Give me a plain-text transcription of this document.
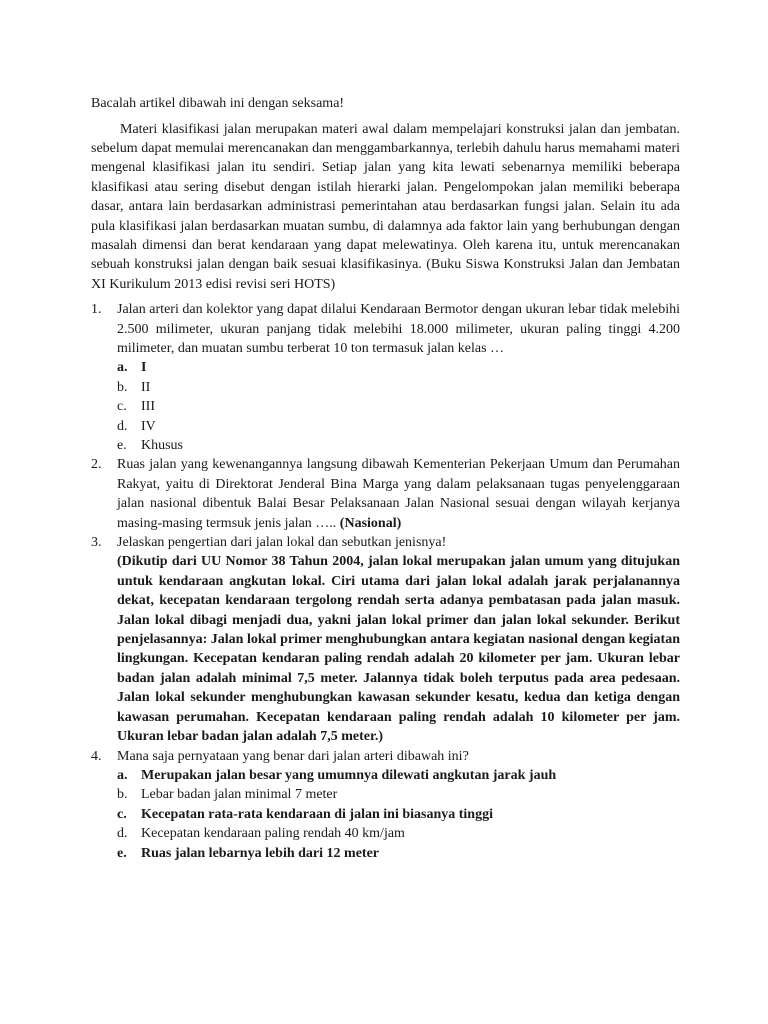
Bacalah artikel dibawah ini dengan seksama!

Materi klasifikasi jalan merupakan materi awal dalam mempelajari konstruksi jalan dan jembatan. sebelum dapat memulai merencanakan dan menggambarkannya, terlebih dahulu harus memahami materi mengenal klasifikasi jalan itu sendiri. Setiap jalan yang kita lewati sebenarnya memiliki beberapa klasifikasi atau sering disebut dengan istilah hierarki jalan. Pengelompokan jalan memiliki beberapa dasar, antara lain berdasarkan administrasi pemerintahan atau berdasarkan fungsi jalan. Selain itu ada pula klasifikasi jalan berdasarkan muatan sumbu, di dalamnya ada faktor lain yang berhubungan dengan masalah dimensi dan berat kendaraan yang dapat melewatinya. Oleh karena itu, untuk merencanakan sebuah konstruksi jalan dengan baik sesuai klasifikasinya. (Buku Siswa Konstruksi Jalan dan Jembatan XI Kurikulum 2013 edisi revisi seri HOTS)

1. Jalan arteri dan kolektor yang dapat dilalui Kendaraan Bermotor dengan ukuran lebar tidak melebihi 2.500 milimeter, ukuran panjang tidak melebihi 18.000 milimeter, ukuran paling tinggi 4.200 milimeter, dan muatan sumbu terberat 10 ton termasuk jalan kelas …
a. I
b. II
c. III
d. IV
e. Khusus
2. Ruas jalan yang kewenangannya langsung dibawah Kementerian Pekerjaan Umum dan Perumahan Rakyat, yaitu di Direktorat Jenderal Bina Marga yang dalam pelaksanaan tugas penyelenggaraan jalan nasional dibentuk Balai Besar Pelaksanaan Jalan Nasional sesuai dengan wilayah kerjanya masing-masing termsuk jenis jalan ….. (Nasional)
3. Jelaskan pengertian dari jalan lokal dan sebutkan jenisnya!
(Dikutip dari UU Nomor 38 Tahun 2004, jalan lokal merupakan jalan umum yang ditujukan untuk kendaraan angkutan lokal. Ciri utama dari jalan lokal adalah jarak perjalanannya dekat, kecepatan kendaraan tergolong rendah serta adanya pembatasan pada jalan masuk. Jalan lokal dibagi menjadi dua, yakni jalan lokal primer dan jalan lokal sekunder. Berikut penjelasannya: Jalan lokal primer menghubungkan antara kegiatan nasional dengan kegiatan lingkungan. Kecepatan kendaran paling rendah adalah 20 kilometer per jam. Ukuran lebar badan jalan adalah minimal 7,5 meter. Jalannya tidak boleh terputus pada area pedesaan. Jalan lokal sekunder menghubungkan kawasan sekunder kesatu, kedua dan ketiga dengan kawasan perumahan. Kecepatan kendaraan paling rendah adalah 10 kilometer per jam. Ukuran lebar badan jalan adalah 7,5 meter.)
4. Mana saja pernyataan yang benar dari jalan arteri dibawah ini?
a. Merupakan jalan besar yang umumnya dilewati angkutan jarak jauh
b. Lebar badan jalan minimal 7 meter
c. Kecepatan rata-rata kendaraan di jalan ini biasanya tinggi
d. Kecepatan kendaraan paling rendah 40 km/jam
e. Ruas jalan lebarnya lebih dari 12 meter
